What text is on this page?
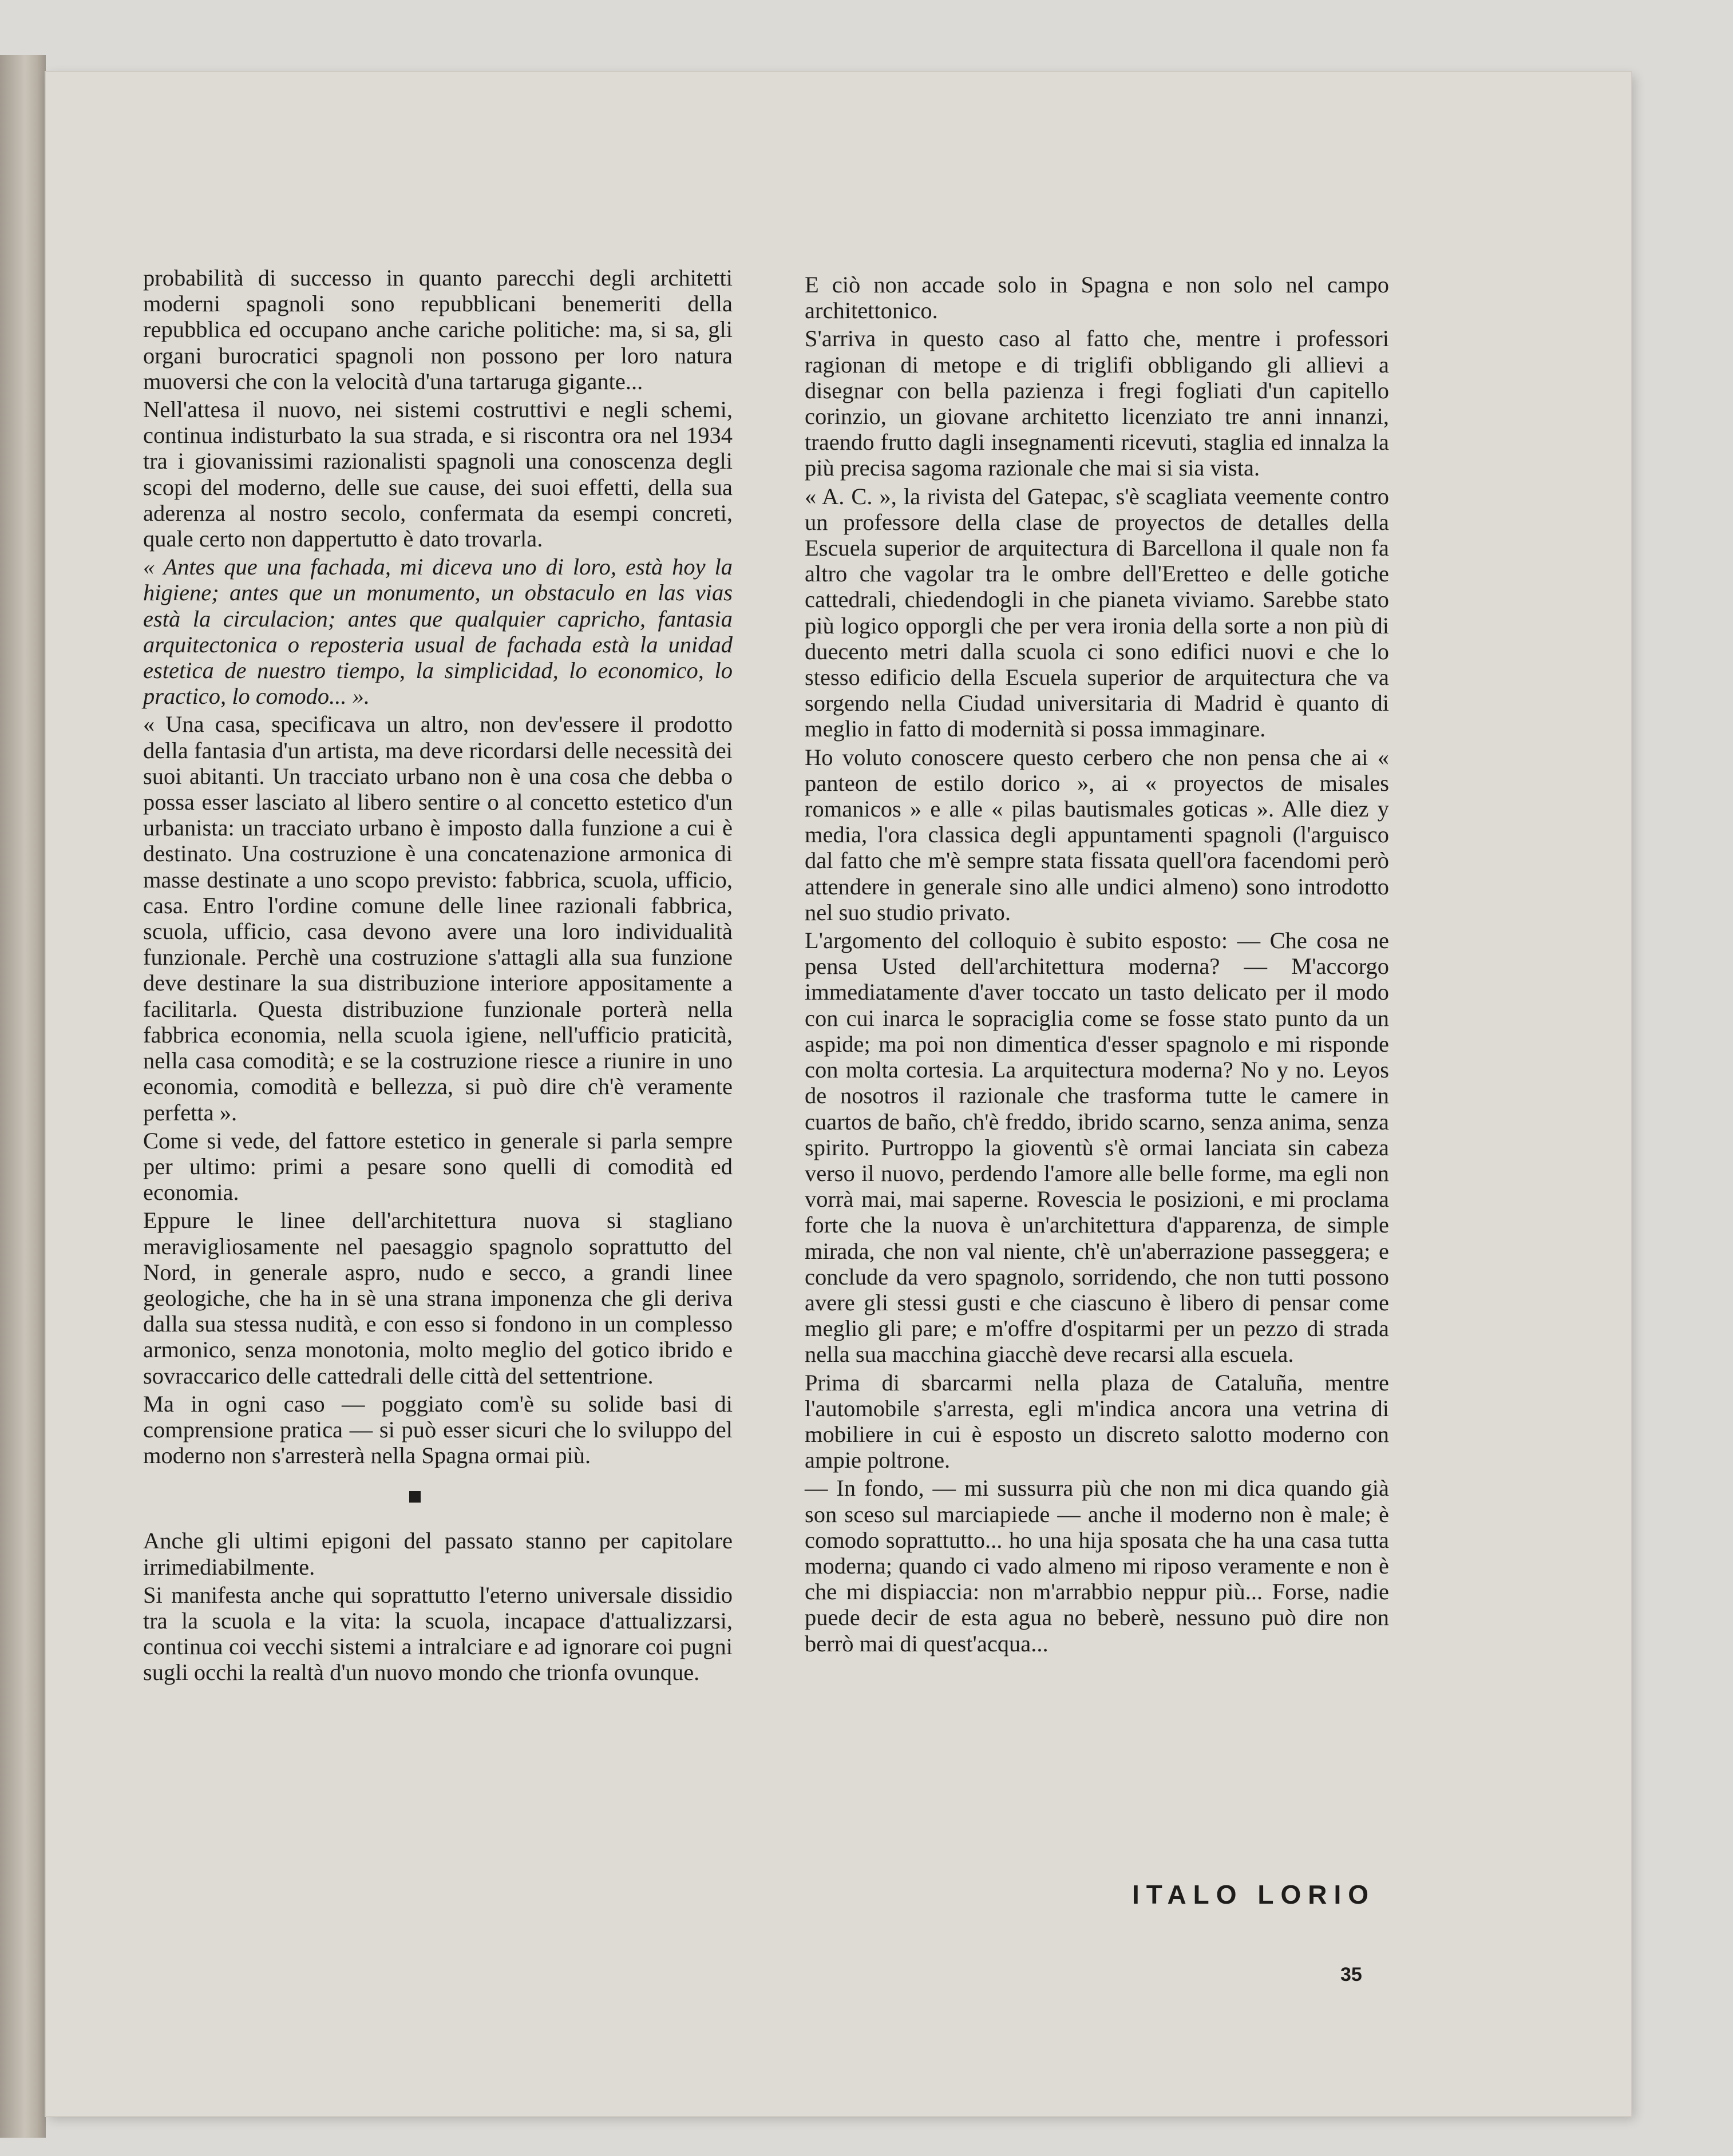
probabilità di successo in quanto parecchi degli architetti moderni spagnoli sono repubblicani benemeriti della repubblica ed occupano anche cariche politiche: ma, si sa, gli organi burocratici spagnoli non possono per loro natura muoversi che con la velocità d'una tartaruga gigante...

Nell'attesa il nuovo, nei sistemi costruttivi e negli schemi, continua indisturbato la sua strada, e si riscontra ora nel 1934 tra i giovanissimi razionalisti spagnoli una conoscenza degli scopi del moderno, delle sue cause, dei suoi effetti, della sua aderenza al nostro secolo, confermata da esempi concreti, quale certo non dappertutto è dato trovarla.

« Antes que una fachada, mi diceva uno di loro, està hoy la higiene; antes que un monumento, un obstaculo en las vias està la circulacion; antes que qualquier capricho, fantasia arquitectonica o reposteria usual de fachada està la unidad estetica de nuestro tiempo, la simplicidad, lo economico, lo practico, lo comodo... ».

« Una casa, specificava un altro, non dev'essere il prodotto della fantasia d'un artista, ma deve ricordarsi delle necessità dei suoi abitanti. Un tracciato urbano non è una cosa che debba o possa esser lasciato al libero sentire o al concetto estetico d'un urbanista: un tracciato urbano è imposto dalla funzione a cui è destinato. Una costruzione è una concatenazione armonica di masse destinate a uno scopo previsto: fabbrica, scuola, ufficio, casa. Entro l'ordine comune delle linee razionali fabbrica, scuola, ufficio, casa devono avere una loro individualità funzionale. Perchè una costruzione s'attagli alla sua funzione deve destinare la sua distribuzione interiore appositamente a facilitarla. Questa distribuzione funzionale porterà nella fabbrica economia, nella scuola igiene, nell'ufficio praticità, nella casa comodità; e se la costruzione riesce a riunire in uno economia, comodità e bellezza, si può dire ch'è veramente perfetta ».

Come si vede, del fattore estetico in generale si parla sempre per ultimo: primi a pesare sono quelli di comodità ed economia.

Eppure le linee dell'architettura nuova si stagliano meravigliosamente nel paesaggio spagnolo soprattutto del Nord, in generale aspro, nudo e secco, a grandi linee geologiche, che ha in sè una strana imponenza che gli deriva dalla sua stessa nudità, e con esso si fondono in un complesso armonico, senza monotonia, molto meglio del gotico ibrido e sovraccarico delle cattedrali delle città del settentrione.

Ma in ogni caso — poggiato com'è su solide basi di comprensione pratica — si può esser sicuri che lo sviluppo del moderno non s'arresterà nella Spagna ormai più.

Anche gli ultimi epigoni del passato stanno per capitolare irrimediabilmente.

Si manifesta anche qui soprattutto l'eterno universale dissidio tra la scuola e la vita: la scuola, incapace d'attualizzarsi, continua coi vecchi sistemi a intralciare e ad ignorare coi pugni sugli occhi la realtà d'un nuovo mondo che trionfa ovunque.

E ciò non accade solo in Spagna e non solo nel campo architettonico.

S'arriva in questo caso al fatto che, mentre i professori ragionan di metope e di triglifi obbligando gli allievi a disegnar con bella pazienza i fregi fogliati d'un capitello corinzio, un giovane architetto licenziato tre anni innanzi, traendo frutto dagli insegnamenti ricevuti, staglia ed innalza la più precisa sagoma razionale che mai si sia vista.

« A. C. », la rivista del Gatepac, s'è scagliata veemente contro un professore della clase de proyectos de detalles della Escuela superior de arquitectura di Barcellona il quale non fa altro che vagolar tra le ombre dell'Eretteo e delle gotiche cattedrali, chiedendogli in che pianeta viviamo. Sarebbe stato più logico opporgli che per vera ironia della sorte a non più di duecento metri dalla scuola ci sono edifici nuovi e che lo stesso edificio della Escuela superior de arquitectura che va sorgendo nella Ciudad universitaria di Madrid è quanto di meglio in fatto di modernità si possa immaginare.

Ho voluto conoscere questo cerbero che non pensa che ai « panteon de estilo dorico », ai « proyectos de misales romanicos » e alle « pilas bautismales goticas ». Alle diez y media, l'ora classica degli appuntamenti spagnoli (l'arguisco dal fatto che m'è sempre stata fissata quell'ora facendomi però attendere in generale sino alle undici almeno) sono introdotto nel suo studio privato.

L'argomento del colloquio è subito esposto: — Che cosa ne pensa Usted dell'architettura moderna? — M'accorgo immediatamente d'aver toccato un tasto delicato per il modo con cui inarca le sopraciglia come se fosse stato punto da un aspide; ma poi non dimentica d'esser spagnolo e mi risponde con molta cortesia. La arquitectura moderna? No y no. Leyos de nosotros il razionale che trasforma tutte le camere in cuartos de baño, ch'è freddo, ibrido scarno, senza anima, senza spirito. Purtroppo la gioventù s'è ormai lanciata sin cabeza verso il nuovo, perdendo l'amore alle belle forme, ma egli non vorrà mai, mai saperne. Rovescia le posizioni, e mi proclama forte che la nuova è un'architettura d'apparenza, de simple mirada, che non val niente, ch'è un'aberrazione passeggera; e conclude da vero spagnolo, sorridendo, che non tutti possono avere gli stessi gusti e che ciascuno è libero di pensar come meglio gli pare; e m'offre d'ospitarmi per un pezzo di strada nella sua macchina giacchè deve recarsi alla escuela.

Prima di sbarcarmi nella plaza de Cataluña, mentre l'automobile s'arresta, egli m'indica ancora una vetrina di mobiliere in cui è esposto un discreto salotto moderno con ampie poltrone.

— In fondo, — mi sussurra più che non mi dica quando già son sceso sul marciapiede — anche il moderno non è male; è comodo soprattutto... ho una hija sposata che ha una casa tutta moderna; quando ci vado almeno mi riposo veramente e non è che mi dispiaccia: non m'arrabbio neppur più... Forse, nadie puede decir de esta agua no beberè, nessuno può dire non berrò mai di quest'acqua...

ITALO LORIO
35
